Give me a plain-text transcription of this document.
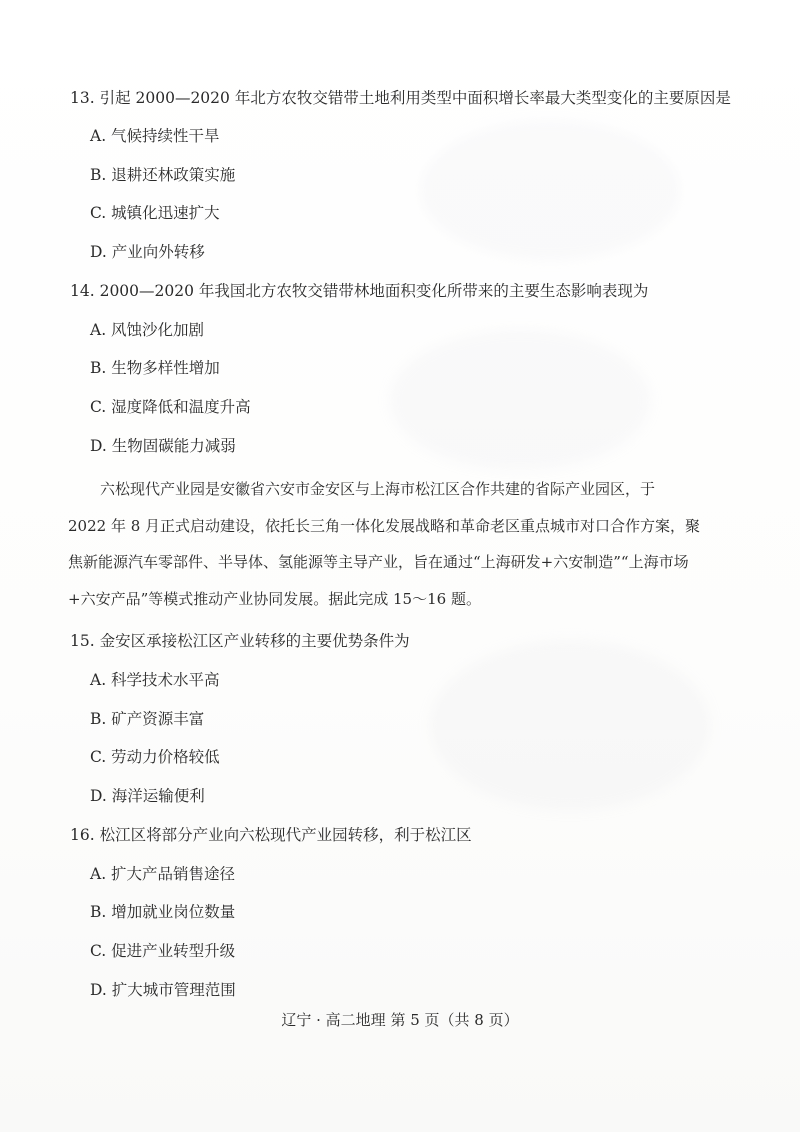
13. 引起 2000—2020 年北方农牧交错带土地利用类型中面积增长率最大类型变化的主要原因是
A. 气候持续性干旱
B. 退耕还林政策实施
C. 城镇化迅速扩大
D. 产业向外转移
14. 2000—2020 年我国北方农牧交错带林地面积变化所带来的主要生态影响表现为
A. 风蚀沙化加剧
B. 生物多样性增加
C. 湿度降低和温度升高
D. 生物固碳能力减弱
六松现代产业园是安徽省六安市金安区与上海市松江区合作共建的省际产业园区，于
2022 年 8 月正式启动建设，依托长三角一体化发展战略和革命老区重点城市对口合作方案，聚
焦新能源汽车零部件、半导体、氢能源等主导产业，旨在通过“上海研发+六安制造”“上海市场
+六安产品”等模式推动产业协同发展。据此完成 15～16 题。
15. 金安区承接松江区产业转移的主要优势条件为
A. 科学技术水平高
B. 矿产资源丰富
C. 劳动力价格较低
D. 海洋运输便利
16. 松江区将部分产业向六松现代产业园转移，利于松江区
A. 扩大产品销售途径
B. 增加就业岗位数量
C. 促进产业转型升级
D. 扩大城市管理范围
辽宁 · 高二地理 第 5 页（共 8 页）
